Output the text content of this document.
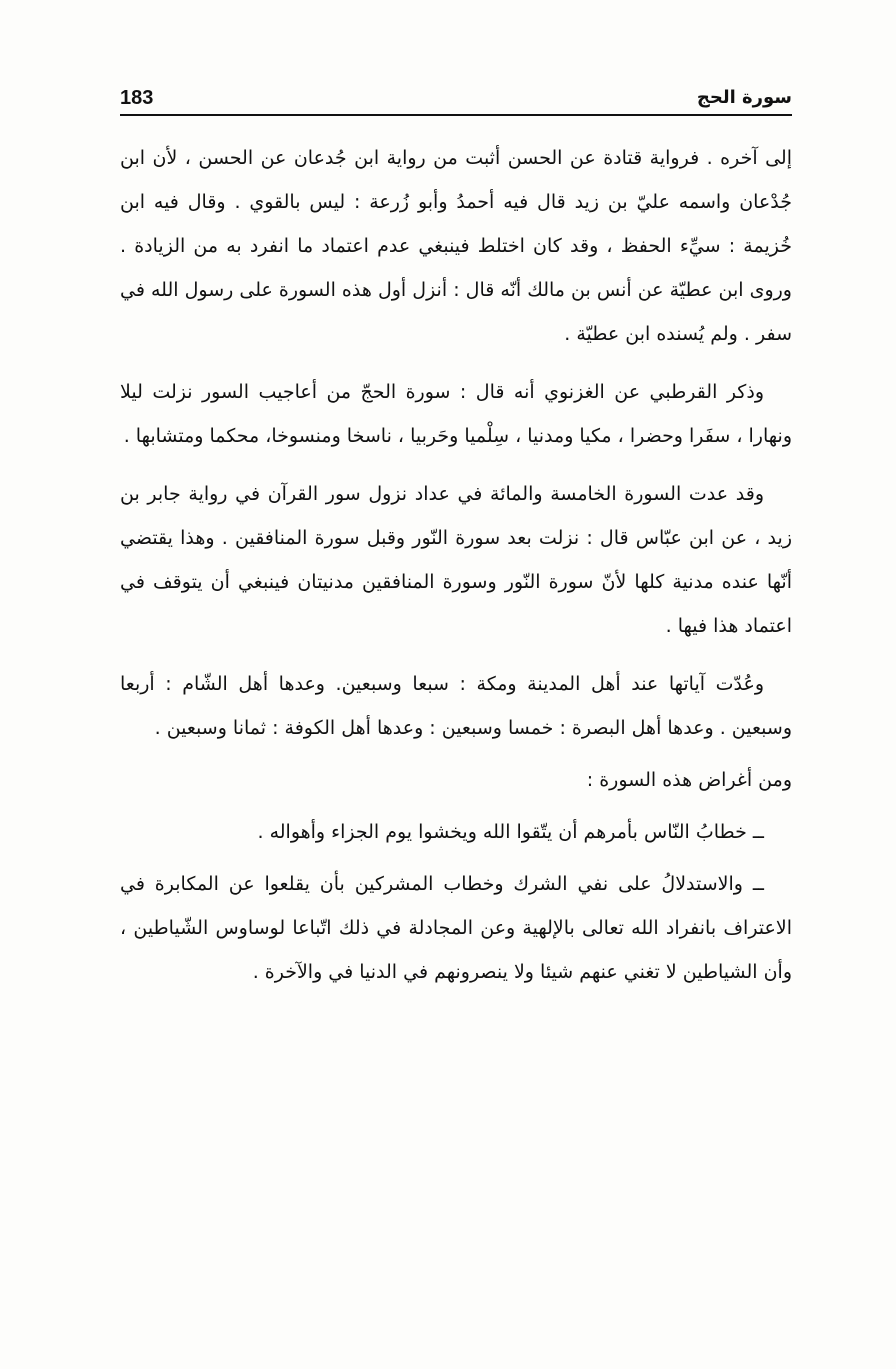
183	سورة الحج

إلى آخره . فرواية قتادة عن الحسن أثبت من رواية ابن جُدعان عن الحسن ، لأن ابن جُدْعان واسمه عليّ بن زيد قال فيه أحمدُ وأبو زُرعة : ليس بالقوي . وقال فيه ابن خُزيمة : سيِّء الحفظ ، وقد كان اختلط فينبغي عدم اعتماد ما انفرد به من الزيادة . وروى ابن عطيّة عن أنس بن مالك أنّه قال : أنزل أول هذه السورة على رسول الله في سفر . ولم يُسنده ابن عطيّة .

وذكر القرطبي عن الغزنوي أنه قال : سورة الحجّ من أعاجيب السور نزلت ليلا ونهارا ، سفَرا وحضرا ، مكيا ومدنيا ، سِلْميا وحَربيا ، ناسخا ومنسوخا، محكما ومتشابها .

وقد عدت السورة الخامسة والمائة في عداد نزول سور القرآن في رواية جابر بن زيد ، عن ابن عبّاس قال : نزلت بعد سورة النّور وقبل سورة المنافقين . وهذا يقتضي أنّها عنده مدنية كلها لأنّ سورة النّور وسورة المنافقين مدنيتان فينبغي أن يتوقف في اعتماد هذا فيها .

وعُدّت آياتها عند أهل المدينة ومكة : سبعا وسبعين. وعدها أهل الشّام : أربعا وسبعين . وعدها أهل البصرة : خمسا وسبعين : وعدها أهل الكوفة : ثمانا وسبعين .

ومن أغراض هذه السورة :

ــ خطابُ النّاس بأمرهم أن يتّقوا الله ويخشوا يوم الجزاء وأهواله .

ــ والاستدلالُ على نفي الشرك وخطاب المشركين بأن يقلعوا عن المكابرة في الاعتراف بانفراد الله تعالى بالإلهية وعن المجادلة في ذلك اتّباعا لوساوس الشّياطين ، وأن الشياطين لا تغني عنهم شيئا ولا ينصرونهم في الدنيا في والآخرة .
